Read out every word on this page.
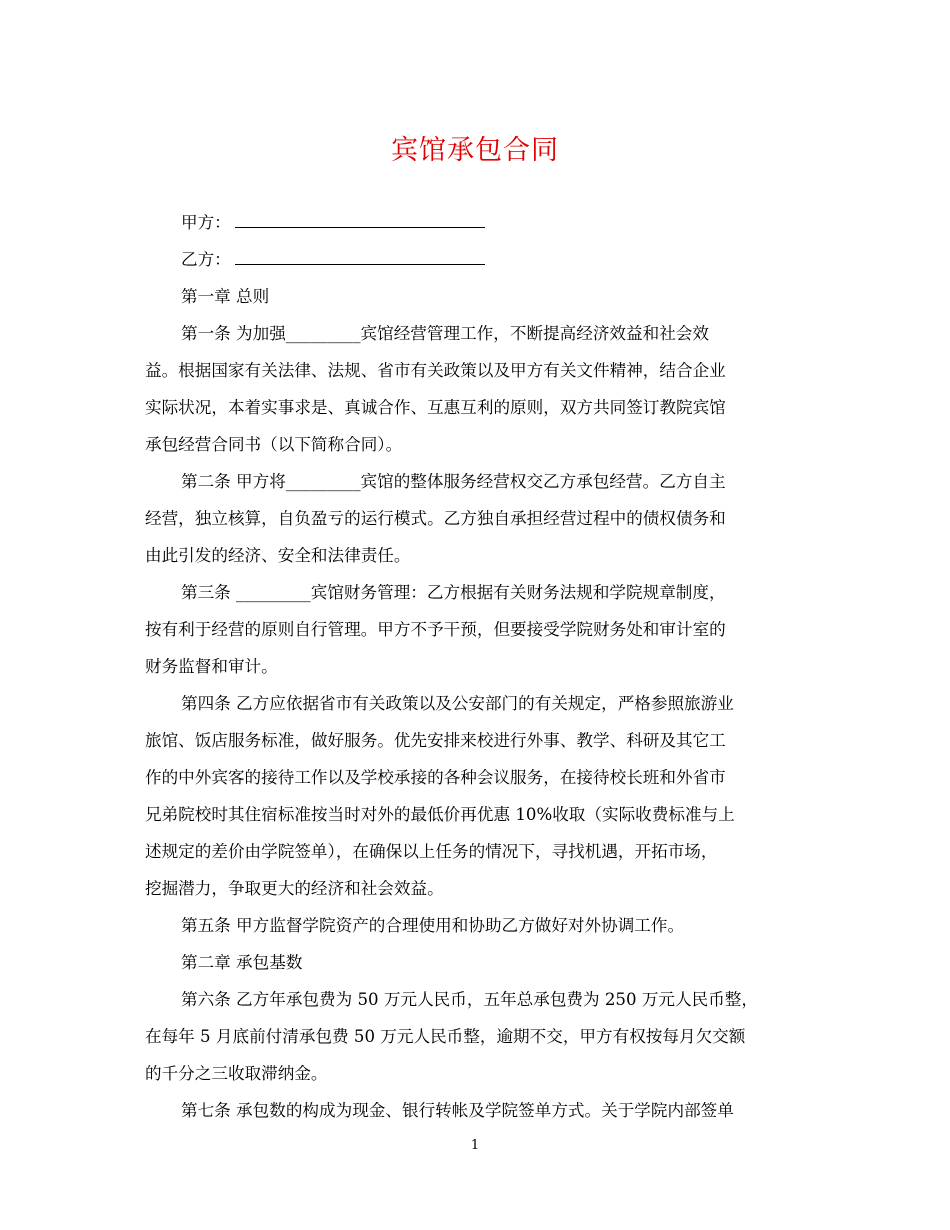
宾馆承包合同
甲方：
乙方：
第一章 总则
第一条 为加强_________宾馆经营管理工作，不断提高经济效益和社会效
益。根据国家有关法律、法规、省市有关政策以及甲方有关文件精神，结合企业
实际状况，本着实事求是、真诚合作、互惠互利的原则，双方共同签订教院宾馆
承包经营合同书（以下简称合同）。
第二条 甲方将_________宾馆的整体服务经营权交乙方承包经营。乙方自主
经营，独立核算，自负盈亏的运行模式。乙方独自承担经营过程中的债权债务和
由此引发的经济、安全和法律责任。
第三条 _________宾馆财务管理：乙方根据有关财务法规和学院规章制度，
按有利于经营的原则自行管理。甲方不予干预，但要接受学院财务处和审计室的
财务监督和审计。
第四条 乙方应依据省市有关政策以及公安部门的有关规定，严格参照旅游业
旅馆、饭店服务标准，做好服务。优先安排来校进行外事、教学、科研及其它工
作的中外宾客的接待工作以及学校承接的各种会议服务，在接待校长班和外省市
兄弟院校时其住宿标准按当时对外的最低价再优惠 10%收取（实际收费标准与上
述规定的差价由学院签单），在确保以上任务的情况下，寻找机遇，开拓市场，
挖掘潜力，争取更大的经济和社会效益。
第五条 甲方监督学院资产的合理使用和协助乙方做好对外协调工作。
第二章 承包基数
第六条 乙方年承包费为 50 万元人民币，五年总承包费为 250 万元人民币整，
在每年 5 月底前付清承包费 50 万元人民币整，逾期不交，甲方有权按每月欠交额
的千分之三收取滞纳金。
第七条 承包数的构成为现金、银行转帐及学院签单方式。关于学院内部签单
1
